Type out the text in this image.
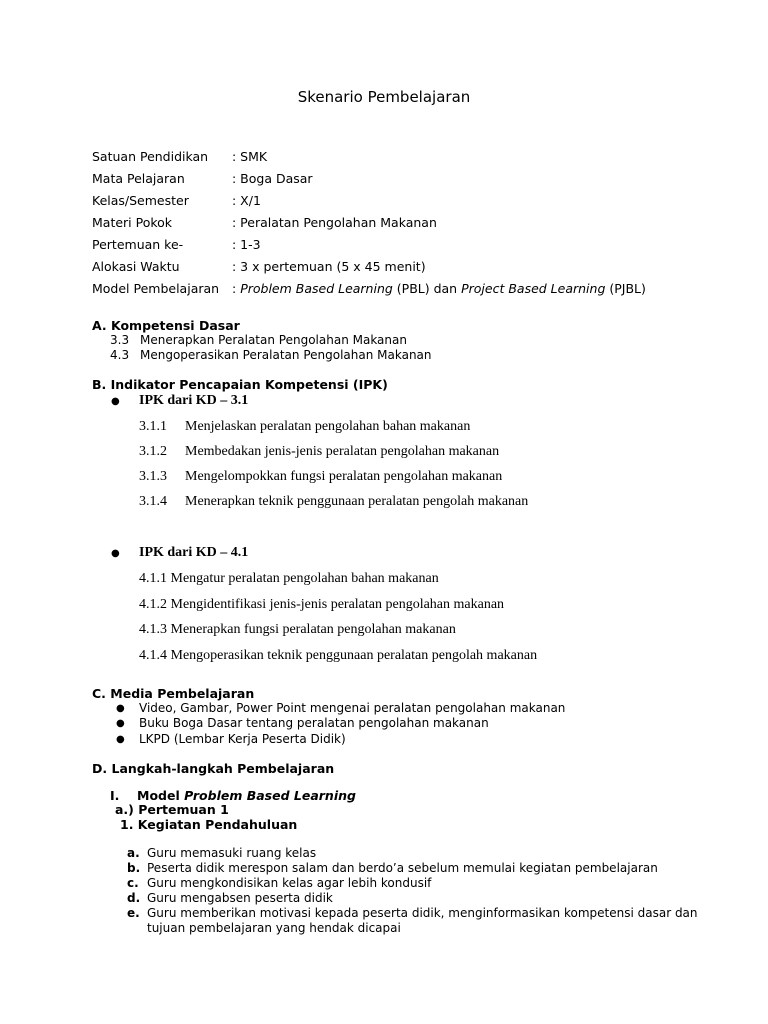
Skenario Pembelajaran
Satuan Pendidikan : SMK
Mata Pelajaran	: Boga Dasar
Kelas/Semester	: X/1
Materi Pokok	: Peralatan Pengolahan Makanan
Pertemuan ke-	: 1-3
Alokasi Waktu	: 3 x pertemuan (5 x 45 menit)
Model Pembelajaran : Problem Based Learning (PBL) dan Project Based Learning (PJBL)
A. Kompetensi Dasar
3.3 Menerapkan Peralatan Pengolahan Makanan
4.3 Mengoperasikan Peralatan Pengolahan Makanan
B. Indikator Pencapaian Kompetensi (IPK)
● IPK dari KD – 3.1
3.1.1 Menjelaskan peralatan pengolahan bahan makanan
3.1.2 Membedakan jenis-jenis peralatan pengolahan makanan
3.1.3 Mengelompokkan fungsi peralatan pengolahan makanan
3.1.4 Menerapkan teknik penggunaan peralatan pengolah makanan
● IPK dari KD – 4.1
4.1.1 Mengatur peralatan pengolahan bahan makanan
4.1.2 Mengidentifikasi jenis-jenis peralatan pengolahan makanan
4.1.3 Menerapkan fungsi peralatan pengolahan makanan
4.1.4 Mengoperasikan teknik penggunaan peralatan pengolah makanan
C. Media Pembelajaran
● Video, Gambar, Power Point mengenai peralatan pengolahan makanan
● Buku Boga Dasar tentang peralatan pengolahan makanan
● LKPD (Lembar Kerja Peserta Didik)
D. Langkah-langkah Pembelajaran
I. Model Problem Based Learning
a.) Pertemuan 1
1. Kegiatan Pendahuluan
a. Guru memasuki ruang kelas
b. Peserta didik merespon salam dan berdo’a sebelum memulai kegiatan pembelajaran
c. Guru mengkondisikan kelas agar lebih kondusif
d. Guru mengabsen peserta didik
e. Guru memberikan motivasi kepada peserta didik, menginformasikan kompetensi dasar dan
tujuan pembelajaran yang hendak dicapai
